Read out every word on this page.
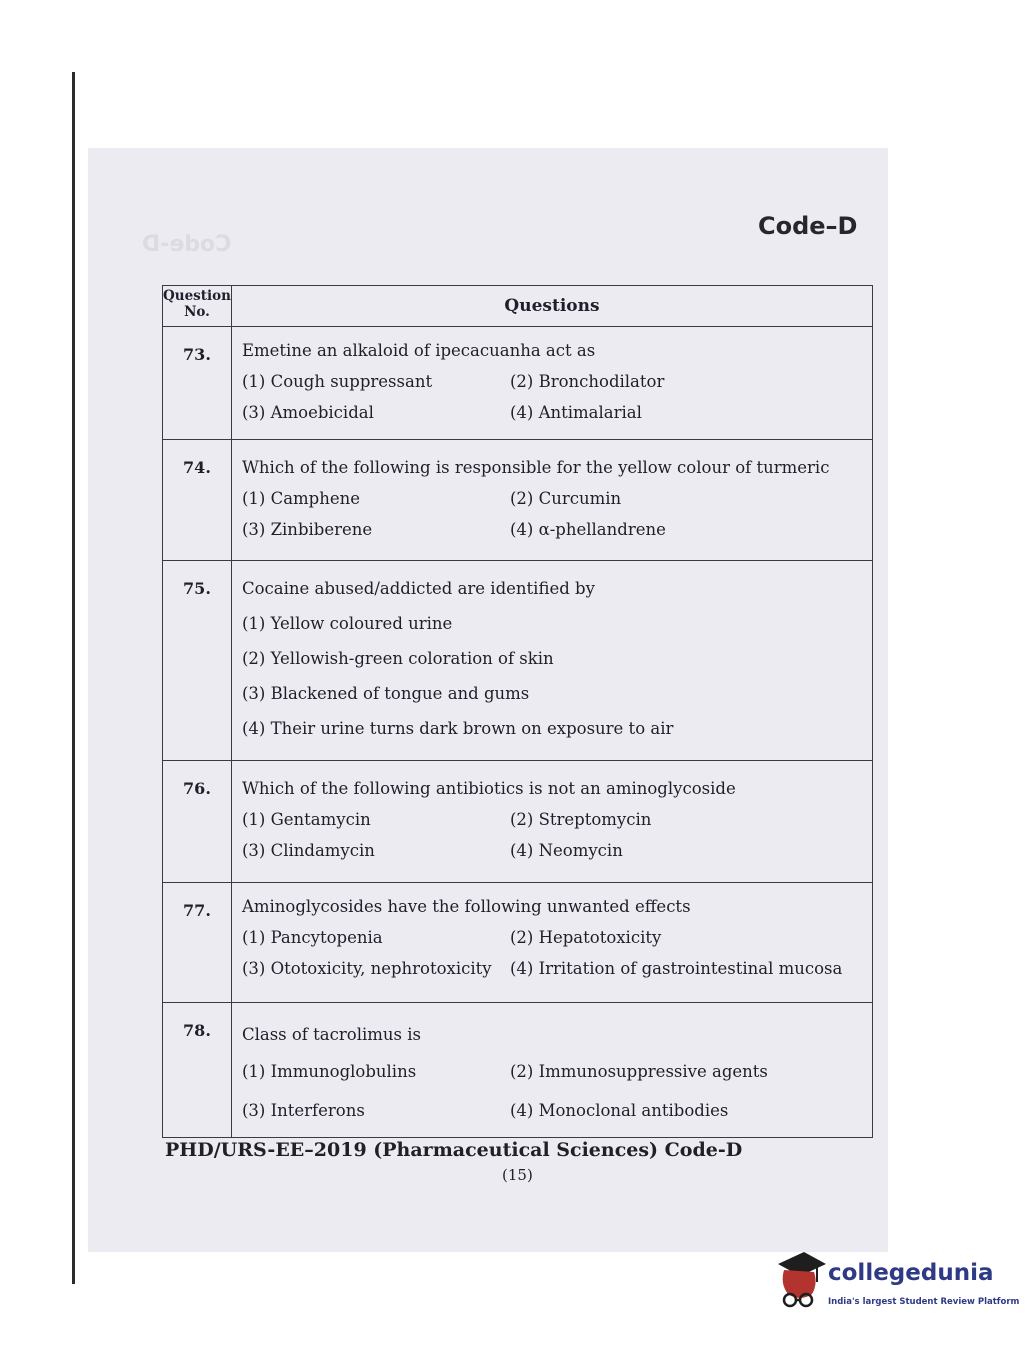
Code-D
Code–D
Question No.	Questions
73.	Emetine an alkaloid of ipecacuanha act as
(1) Cough suppressant (2) Bronchodilator
(3) Amoebicidal (4) Antimalarial

74.	Which of the following is responsible for the yellow colour of turmeric
(1) Camphene (2) Curcumin
(3) Zinbiberene (4) α-phellandrene

75.	Cocaine abused/addicted are identified by
(1) Yellow coloured urine
(2) Yellowish-green coloration of skin
(3) Blackened of tongue and gums
(4) Their urine turns dark brown on exposure to air

76.	Which of the following antibiotics is not an aminoglycoside
(1) Gentamycin (2) Streptomycin
(3) Clindamycin (4) Neomycin

77.	Aminoglycosides have the following unwanted effects
(1) Pancytopenia (2) Hepatotoxicity
(3) Ototoxicity, nephrotoxicity (4) Irritation of gastrointestinal mucosa

78.	Class of tacrolimus is
(1) Immunoglobulins (2) Immunosuppressive agents
(3) Interferons (4) Monoclonal antibodies
PHD/URS-EE–2019 (Pharmaceutical Sciences) Code-D
(15)
collegedunia
India's largest Student Review Platform
